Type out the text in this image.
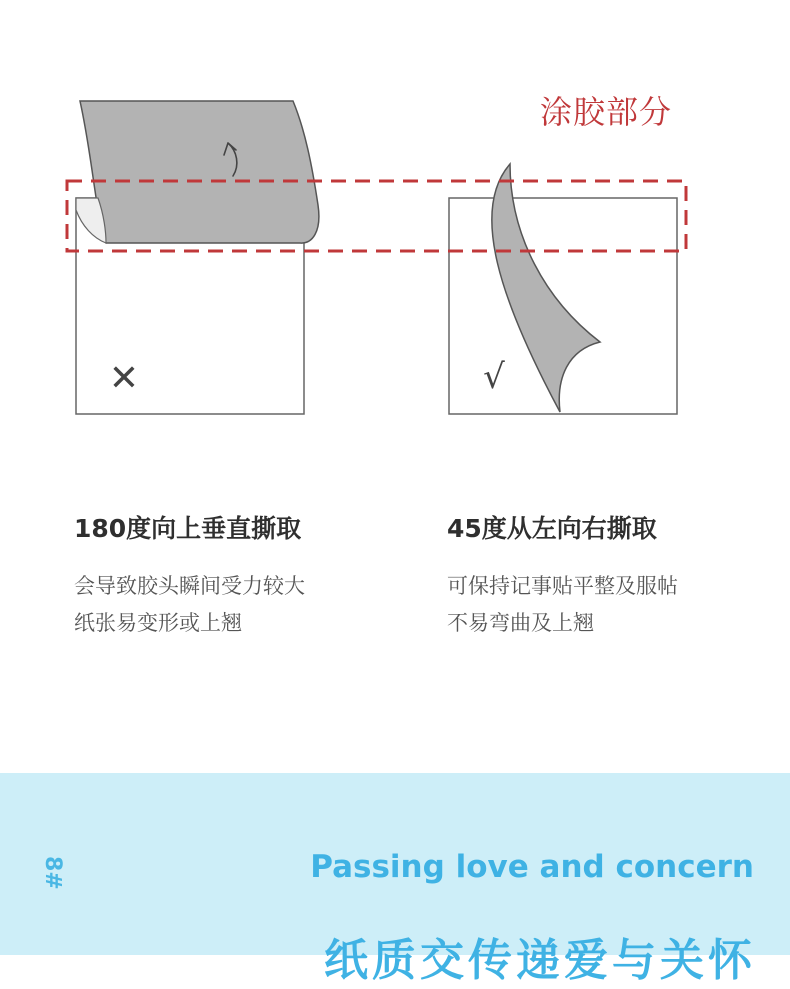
涂胶部分
✕	√
180度向上垂直撕取
会导致胶头瞬间受力较大
纸张易变形或上翘
45度从左向右撕取
可保持记事贴平整及服帖
不易弯曲及上翘
8#	Passing love and concern
纸质交传递爱与关怀
